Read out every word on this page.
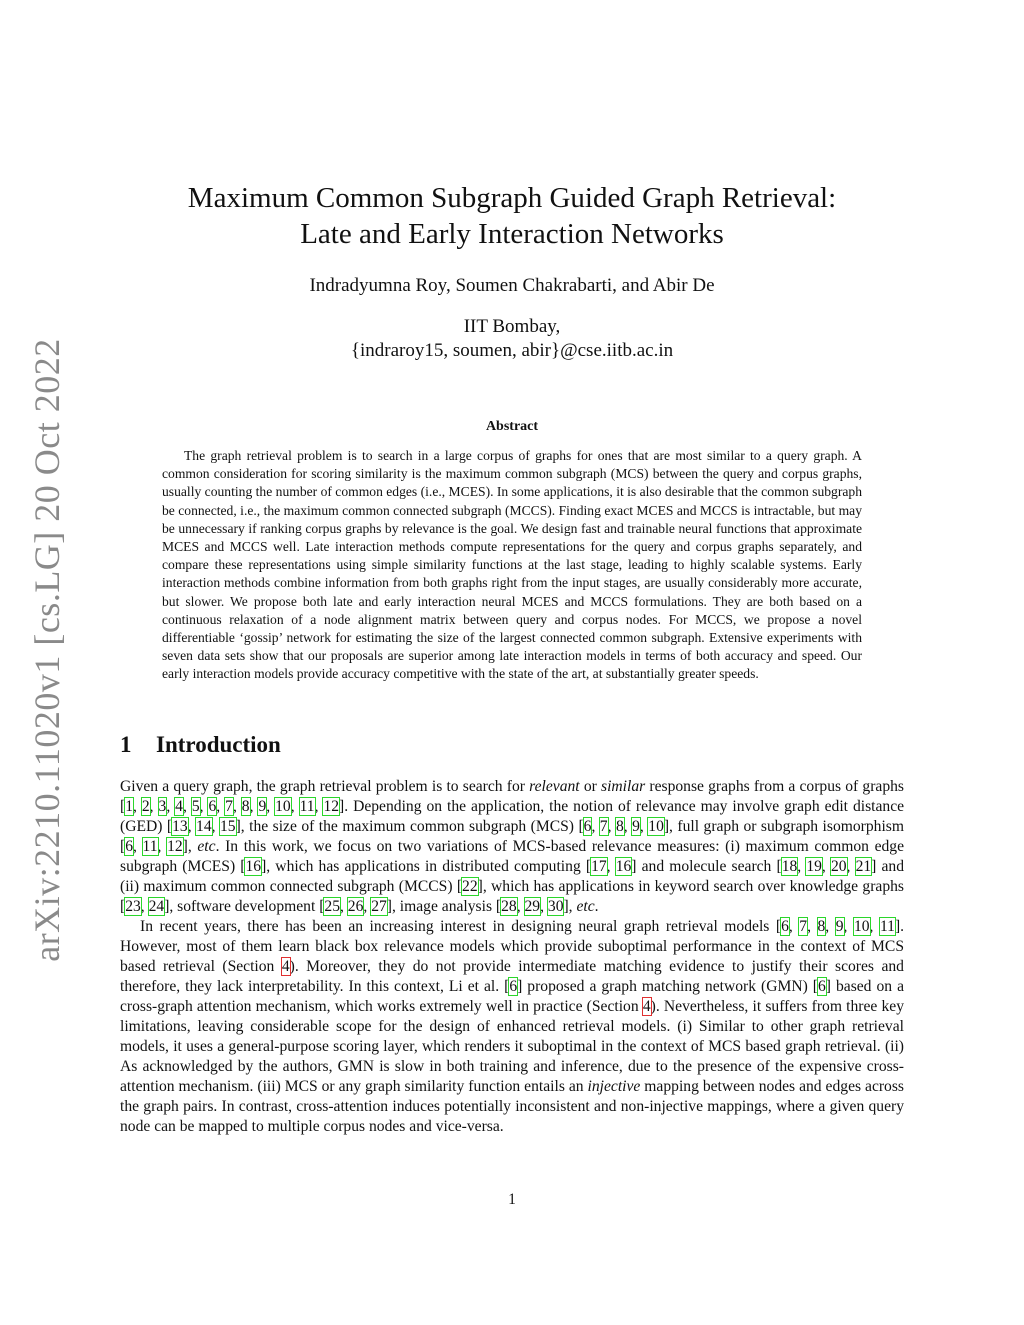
arXiv:2210.11020v1 [cs.LG] 20 Oct 2022
Maximum Common Subgraph Guided Graph Retrieval:
Late and Early Interaction Networks
Indradyumna Roy, Soumen Chakrabarti, and Abir De
IIT Bombay,
{indraroy15, soumen, abir}@cse.iitb.ac.in
Abstract

The graph retrieval problem is to search in a large corpus of graphs for ones that are most similar to a query graph. A common consideration for scoring similarity is the maximum common subgraph (MCS) between the query and corpus graphs, usually counting the number of common edges (i.e., MCES). In some applications, it is also desirable that the common subgraph be connected, i.e., the maximum common connected subgraph (MCCS). Finding exact MCES and MCCS is intractable, but may be unnecessary if ranking corpus graphs by relevance is the goal. We design fast and trainable neural functions that approximate MCES and MCCS well. Late interaction methods compute representations for the query and corpus graphs separately, and compare these representations using simple similarity functions at the last stage, leading to highly scalable systems. Early interaction methods combine information from both graphs right from the input stages, are usually considerably more accurate, but slower. We propose both late and early interaction neural MCES and MCCS formulations. They are both based on a continuous relaxation of a node alignment matrix between query and corpus nodes. For MCCS, we propose a novel differentiable ‘gossip’ network for estimating the size of the largest connected common subgraph. Extensive experiments with seven data sets show that our proposals are superior among late interaction models in terms of both accuracy and speed. Our early interaction models provide accuracy competitive with the state of the art, at substantially greater speeds.

1 Introduction

Given a query graph, the graph retrieval problem is to search for relevant or similar response graphs from a corpus of graphs [1, 2, 3, 4, 5, 6, 7, 8, 9, 10, 11, 12]. Depending on the application, the notion of relevance may involve graph edit distance (GED) [13, 14, 15], the size of the maximum common subgraph (MCS) [6, 7, 8, 9, 10], full graph or subgraph isomorphism [6, 11, 12], etc. In this work, we focus on two variations of MCS-based relevance measures: (i) maximum common edge subgraph (MCES) [16], which has applications in distributed computing [17, 16] and molecule search [18, 19, 20, 21] and (ii) maximum common connected subgraph (MCCS) [22], which has applications in keyword search over knowledge graphs [23, 24], software development [25, 26, 27], image analysis [28, 29, 30], etc.

In recent years, there has been an increasing interest in designing neural graph retrieval models [6, 7, 8, 9, 10, 11]. However, most of them learn black box relevance models which provide suboptimal performance in the context of MCS based retrieval (Section 4). Moreover, they do not provide intermediate matching evidence to justify their scores and therefore, they lack interpretability. In this context, Li et al. [6] proposed a graph matching network (GMN) [6] based on a cross-graph attention mechanism, which works extremely well in practice (Section 4). Nevertheless, it suffers from three key limitations, leaving considerable scope for the design of enhanced retrieval models. (i) Similar to other graph retrieval models, it uses a general-purpose scoring layer, which renders it suboptimal in the context of MCS based graph retrieval. (ii) As acknowledged by the authors, GMN is slow in both training and inference, due to the presence of the expensive cross-attention mechanism. (iii) MCS or any graph similarity function entails an injective mapping between nodes and edges across the graph pairs. In contrast, cross-attention induces potentially inconsistent and non-injective mappings, where a given query node can be mapped to multiple corpus nodes and vice-versa.

1
